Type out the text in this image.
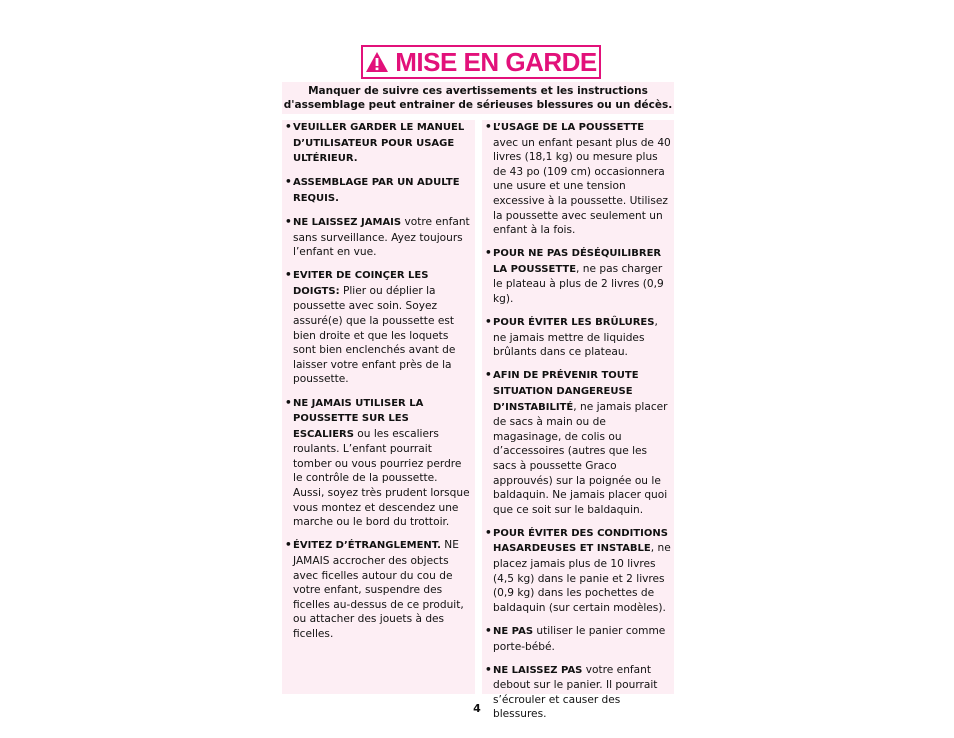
MISE EN GARDE
Manquer de suivre ces avertissements et les instructions
d'assemblage peut entrainer de sérieuses blessures ou un décès.
• VEUILLER GARDER LE MANUEL D’UTILISATEUR POUR USAGE ULTÉRIEUR.
• ASSEMBLAGE PAR UN ADULTE REQUIS.
• NE LAISSEZ JAMAIS votre enfant sans surveillance. Ayez toujours l’enfant en vue.
• EVITER DE COINÇER LES DOIGTS: Plier ou déplier la poussette avec soin. Soyez assuré(e) que la poussette est bien droite et que les loquets sont bien enclenchés avant de laisser votre enfant près de la poussette.
• NE JAMAIS UTILISER LA POUSSETTE SUR LES ESCALIERS ou les escaliers roulants. L’enfant pourrait tomber ou vous pourriez perdre le contrôle de la poussette. Aussi, soyez très prudent lorsque vous montez et descendez une marche ou le bord du trottoir.
• ÉVITEZ D’ÉTRANGLEMENT. NE JAMAIS accrocher des objects avec ficelles autour du cou de votre enfant, suspendre des ficelles au-dessus de ce produit, ou attacher des jouets à des ficelles.
• L’USAGE DE LA POUSSETTE avec un enfant pesant plus de 40 livres (18,1 kg) ou mesure plus de 43 po (109 cm) occasionnera une usure et une tension excessive à la poussette. Utilisez la poussette avec seulement un enfant à la fois.
• POUR NE PAS DÉSÉQUILIBRER LA POUSSETTE, ne pas charger le plateau à plus de 2 livres (0,9 kg).
• POUR ÉVITER LES BRÛLURES, ne jamais mettre de liquides brûlants dans ce plateau.
• AFIN DE PRÉVENIR TOUTE SITUATION DANGEREUSE D’INSTABILITÉ, ne jamais placer de sacs à main ou de magasinage, de colis ou d’accessoires (autres que les sacs à poussette Graco approuvés) sur la poignée ou le baldaquin. Ne jamais placer quoi que ce soit sur le baldaquin.
• POUR ÉVITER DES CONDITIONS HASARDEUSES ET INSTABLE, ne placez jamais plus de 10 livres (4,5 kg) dans le panie et 2 livres (0,9 kg) dans les pochettes de baldaquin (sur certain modèles).
• NE PAS utiliser le panier comme porte-bébé.
• NE LAISSEZ PAS votre enfant debout sur le panier. Il pourrait s’écrouler et causer des blessures.
4
